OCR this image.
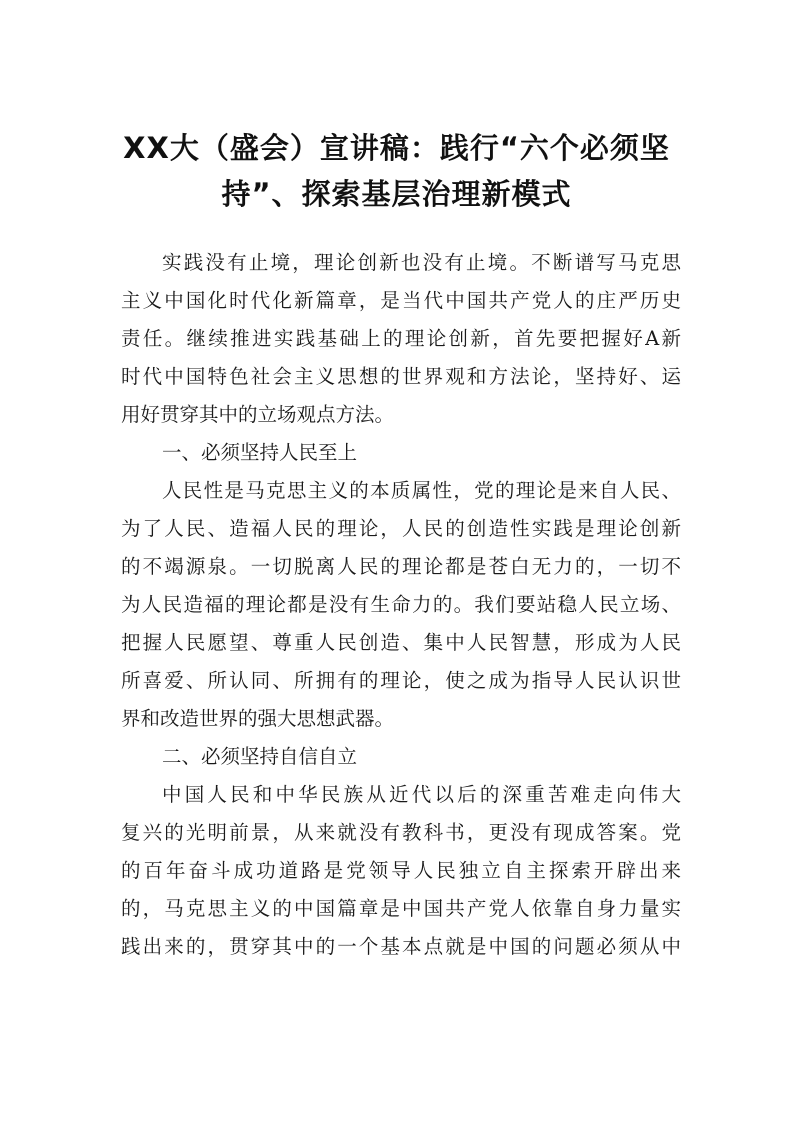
XX大（盛会）宣讲稿：践行“六个必须坚
持”、探索基层治理新模式
实践没有止境，理论创新也没有止境。不断谱写马克思
主义中国化时代化新篇章，是当代中国共产党人的庄严历史
责任。继续推进实践基础上的理论创新，首先要把握好A新
时代中国特色社会主义思想的世界观和方法论，坚持好、运
用好贯穿其中的立场观点方法。
一、必须坚持人民至上
人民性是马克思主义的本质属性，党的理论是来自人民、
为了人民、造福人民的理论，人民的创造性实践是理论创新
的不竭源泉。一切脱离人民的理论都是苍白无力的，一切不
为人民造福的理论都是没有生命力的。我们要站稳人民立场、
把握人民愿望、尊重人民创造、集中人民智慧，形成为人民
所喜爱、所认同、所拥有的理论，使之成为指导人民认识世
界和改造世界的强大思想武器。
二、必须坚持自信自立
中国人民和中华民族从近代以后的深重苦难走向伟大
复兴的光明前景，从来就没有教科书，更没有现成答案。党
的百年奋斗成功道路是党领导人民独立自主探索开辟出来
的，马克思主义的中国篇章是中国共产党人依靠自身力量实
践出来的，贯穿其中的一个基本点就是中国的问题必须从中
